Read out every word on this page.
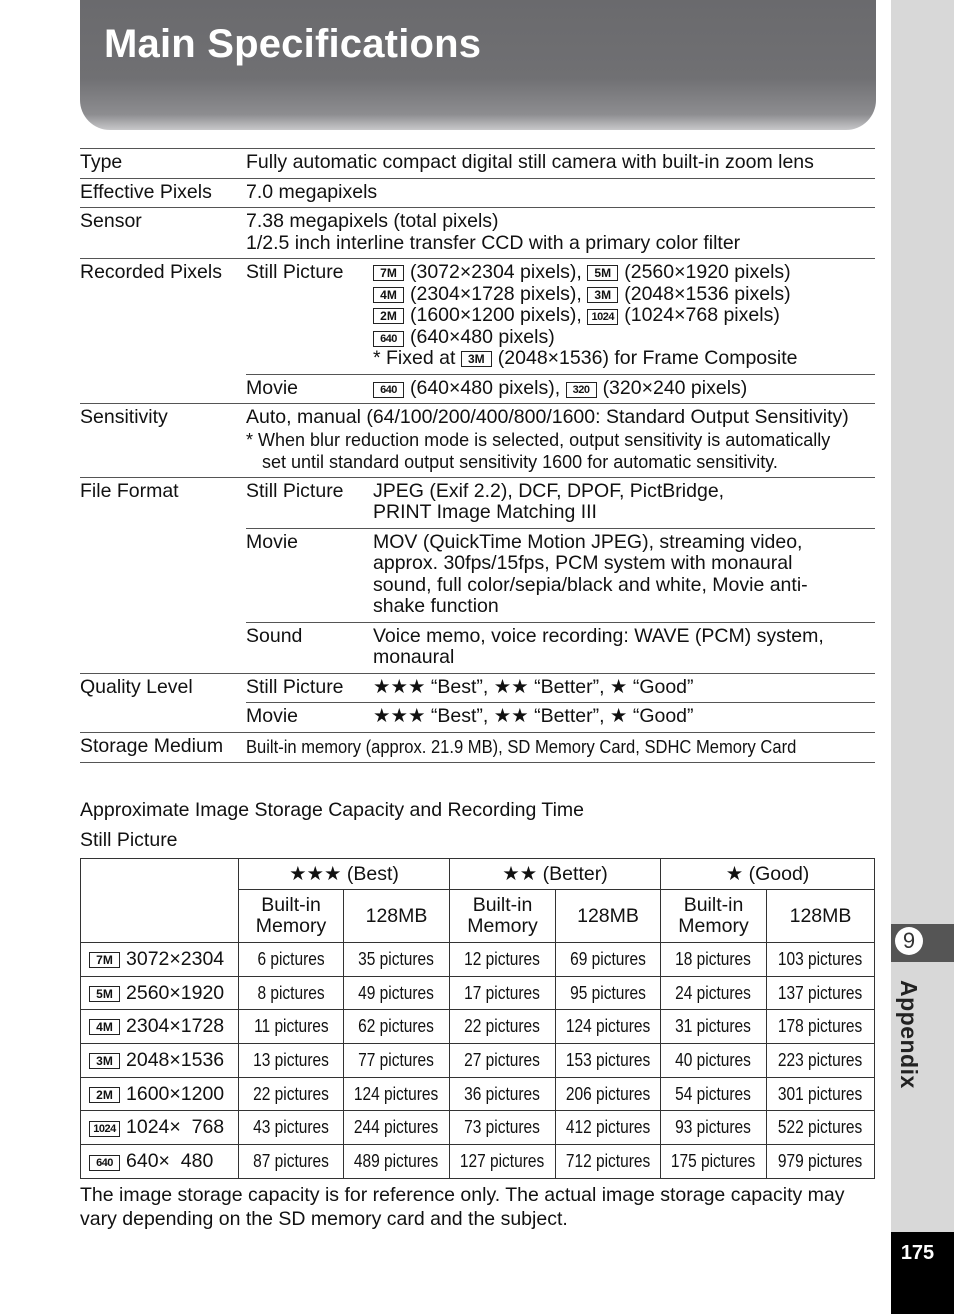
Main Specifications
9
Appendix
175
Type	Fully automatic compact digital still camera with built-in zoom lens	
Effective Pixels	7.0 megapixels	
Sensor	7.38 megapixels (total pixels)
1/2.5 inch interline transfer CCD with a primary color filter	

Recorded Pixels	Still Picture	7M (3072×2304 pixels), 5M (2560×1920 pixels)
4M (2304×1728 pixels), 3M (2048×1536 pixels)
2M (1600×1200 pixels), 1024 (1024×768 pixels)
640 (640×480 pixels)
* Fixed at 3M (2048×1536) for Frame Composite

	Movie	640 (640×480 pixels), 320 (320×240 pixels)
Sensitivity	Auto, manual (64/100/200/400/800/1600: Standard Output Sensitivity)
* When blur reduction mode is selected, output sensitivity is automatically
set until standard output sensitivity 1600 for automatic sensitivity.	

File Format	Still Picture	JPEG (Exif 2.2), DCF, DPOF, PictBridge,
PRINT Image Matching III

	Movie	MOV (QuickTime Motion JPEG), streaming video, approx. 30fps/15fps, PCM system with monaural sound, full color/sepia/black and white, Movie anti-shake function
	Sound	Voice memo, voice recording: WAVE (PCM) system, monaural
Quality Level	Still Picture	★★★ “Best”, ★★ “Better”, ★ “Good”
	Movie	★★★ “Best”, ★★ “Better”, ★ “Good”
Storage Medium	Built-in memory (approx. 21.9 MB), SD Memory Card, SDHC Memory Card	
Approximate Image Storage Capacity and Recording Time
Still Picture
	★★★ (Best)		★★ (Better)		★ (Good)	
	Built-in Memory	128MB	Built-in Memory	128MB	Built-in Memory	128MB
7M 3072×2304	6 pictures	35 pictures	12 pictures	69 pictures	18 pictures	103 pictures
5M 2560×1920	8 pictures	49 pictures	17 pictures	95 pictures	24 pictures	137 pictures
4M 2304×1728	11 pictures	62 pictures	22 pictures	124 pictures	31 pictures	178 pictures
3M 2048×1536	13 pictures	77 pictures	27 pictures	153 pictures	40 pictures	223 pictures
2M 1600×1200	22 pictures	124 pictures	36 pictures	206 pictures	54 pictures	301 pictures
1024 1024×  768	43 pictures	244 pictures	73 pictures	412 pictures	93 pictures	522 pictures
640 640×  480	87 pictures	489 pictures	127 pictures	712 pictures	175 pictures	979 pictures
The image storage capacity is for reference only. The actual image storage capacity may vary depending on the SD memory card and the subject.
